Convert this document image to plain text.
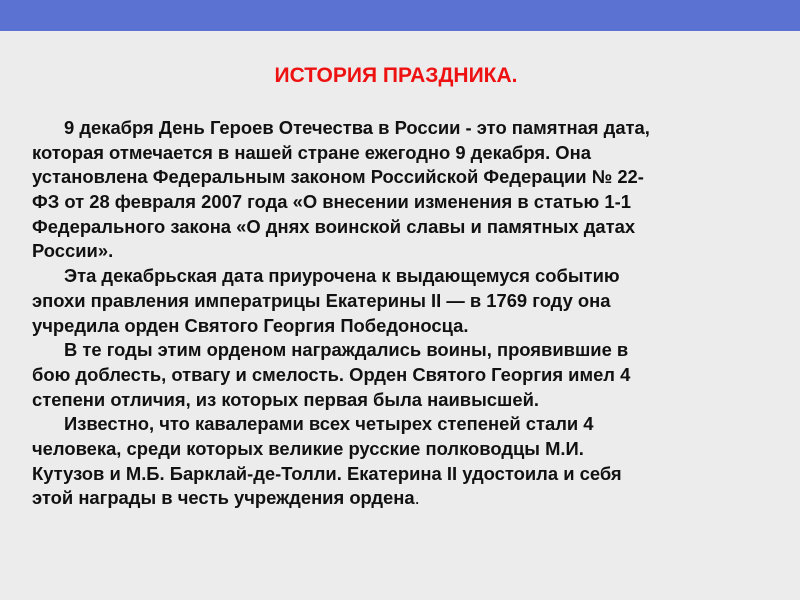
ИСТОРИЯ ПРАЗДНИКА.
9 декабря День Героев Отечества в России - это памятная дата,
которая отмечается в нашей стране ежегодно 9 декабря. Она
установлена Федеральным законом Российской Федерации № 22-
ФЗ от 28 февраля 2007 года «О внесении изменения в статью 1-1
Федерального закона «О днях воинской славы и памятных датах
России».
Эта декабрьская дата приурочена к выдающемуся событию
эпохи правления императрицы Екатерины II — в 1769 году она
учредила орден Святого Георгия Победоносца.
В те годы этим орденом награждались воины, проявившие в
бою доблесть, отвагу и смелость. Орден Святого Георгия имел 4
степени отличия, из которых первая была наивысшей.
Известно, что кавалерами всех четырех степеней стали 4
человека, среди которых великие русские полководцы М.И.
Кутузов и М.Б. Барклай-де-Толли. Екатерина II удостоила и себя
этой награды в честь учреждения ордена.
